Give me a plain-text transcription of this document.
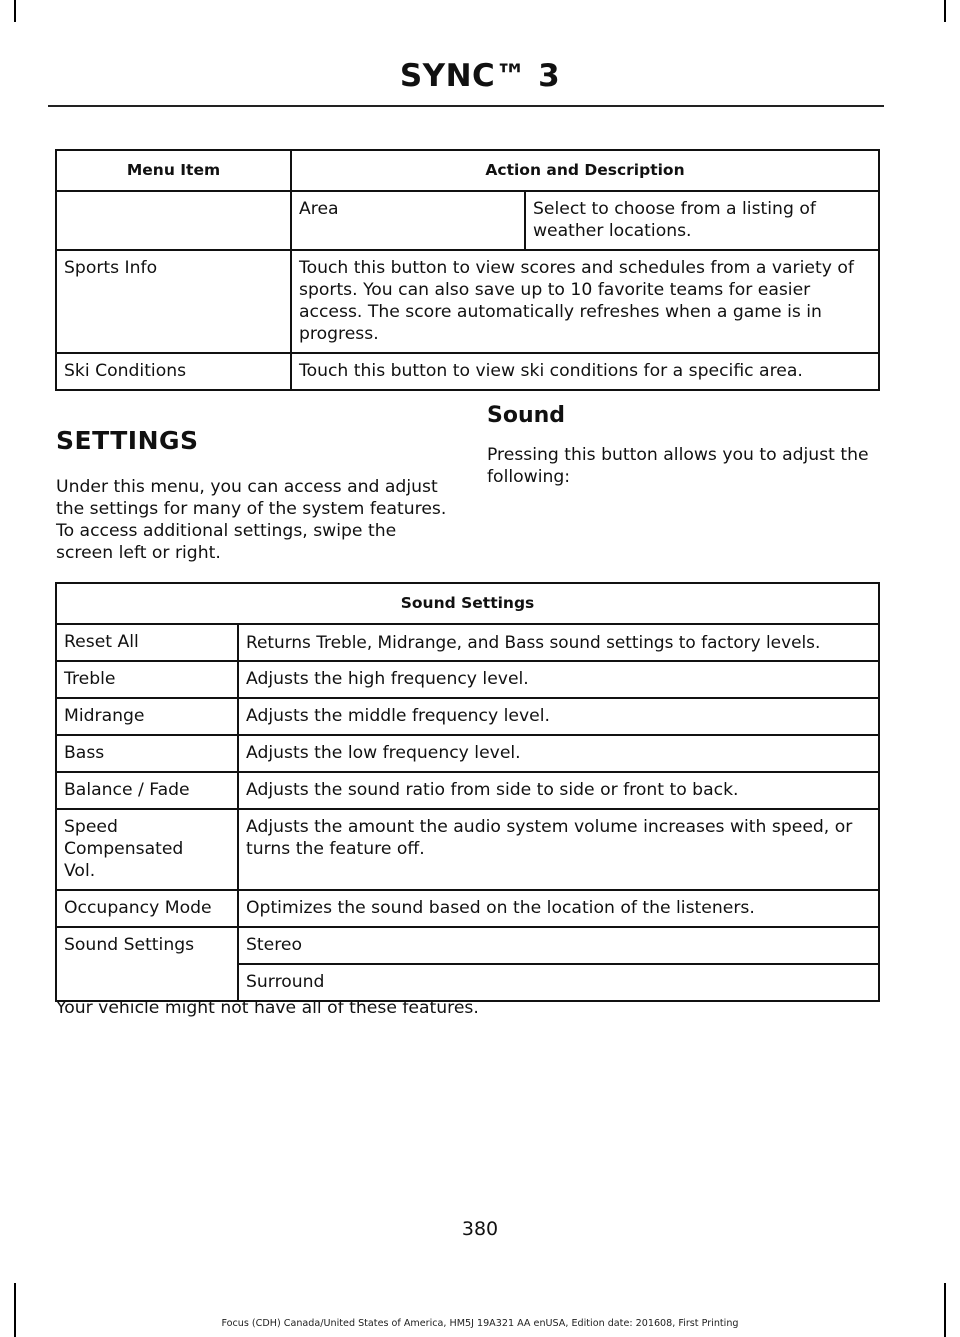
SYNC™ 3
Menu Item	Action and Description	
	Area	Select to choose from a listing of weather locations.
Sports Info	Touch this button to view scores and schedules from a variety of sports. You can also save up to 10 favorite teams for easier access. The score automatically refreshes when a game is in progress.	
Ski Conditions	Touch this button to view ski conditions for a specific area.	
SETTINGS
Under this menu, you can access and adjust the settings for many of the system features. To access additional settings, swipe the screen left or right.
Sound
Pressing this button allows you to adjust the following:
Sound Settings	
Reset All	Returns Treble, Midrange, and Bass sound settings to factory levels.
Treble	Adjusts the high frequency level.
Midrange	Adjusts the middle frequency level.
Bass	Adjusts the low frequency level.
Balance / Fade	Adjusts the sound ratio from side to side or front to back.

Speed
Compensated
Vol.	Adjusts the amount the audio system volume increases with speed, or turns the feature off.
Occupancy Mode	Optimizes the sound based on the location of the listeners.
Sound Settings	Stereo
	Surround
Your vehicle might not have all of these features.
380
Focus (CDH) Canada/United States of America, HM5J 19A321 AA enUSA, Edition date: 201608, First Printing
